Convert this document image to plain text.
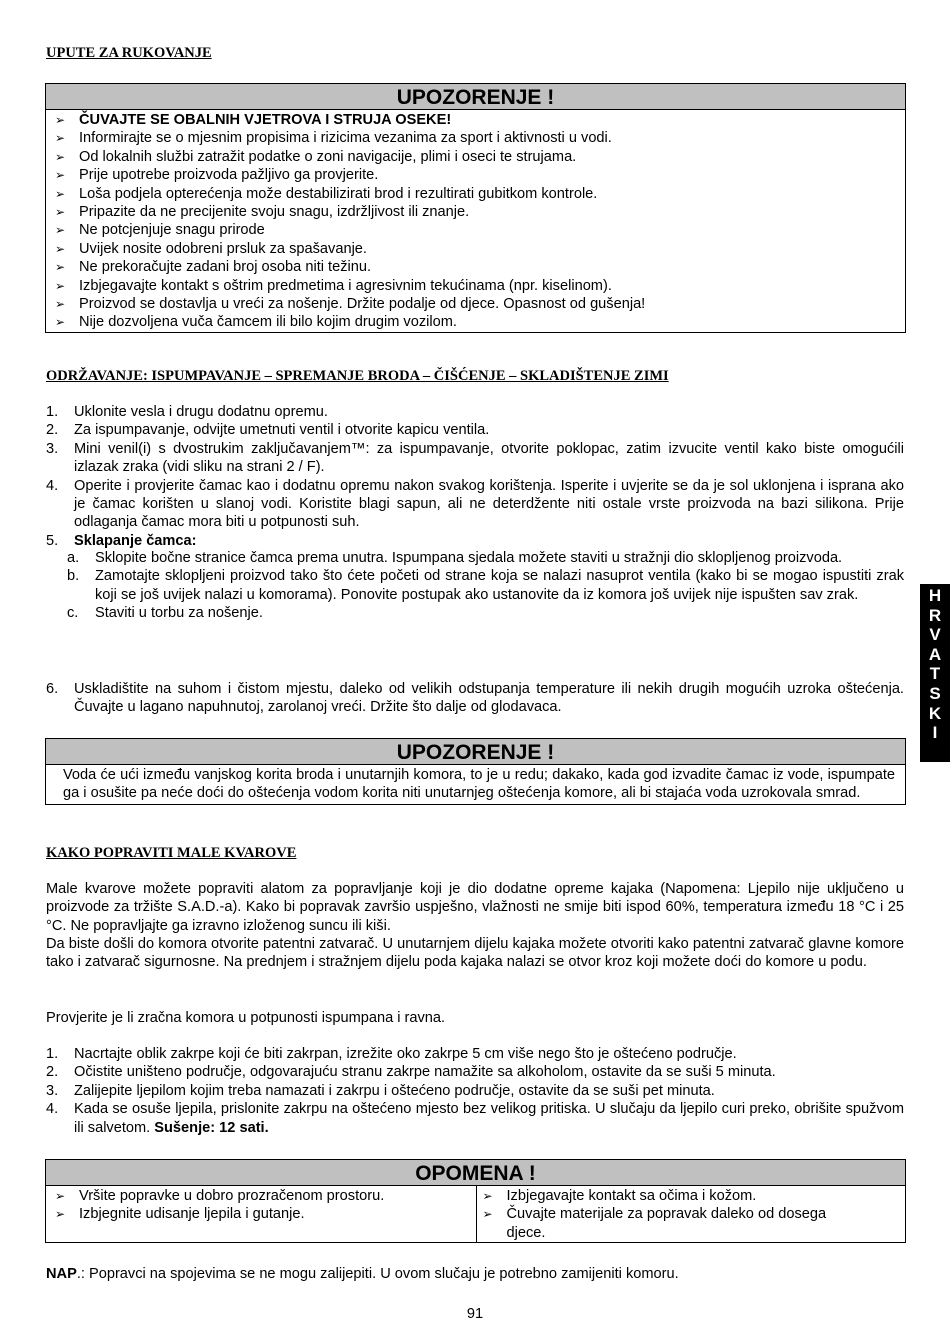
UPUTE ZA RUKOVANJE
UPOZORENJE !
➢ ČUVAJTE SE OBALNIH VJETROVA I STRUJA OSEKE!
➢ Informirajte se o mjesnim propisima i rizicima vezanima za sport i aktivnosti u vodi.
➢ Od lokalnih službi zatražit podatke o zoni navigacije, plimi i oseci te strujama.
➢ Prije upotrebe proizvoda pažljivo ga provjerite.
➢ Loša podjela opterećenja može destabilizirati brod i rezultirati gubitkom kontrole.
➢ Pripazite da ne precijenite svoju snagu, izdržljivost ili znanje.
➢ Ne potcjenjuje snagu prirode
➢ Uvijek nosite odobreni prsluk za spašavanje.
➢ Ne prekoračujte zadani broj osoba niti težinu.
➢ Izbjegavajte kontakt s oštrim predmetima i agresivnim tekućinama (npr. kiselinom).
➢ Proizvod se dostavlja u vreći za nošenje. Držite podalje od djece. Opasnost od gušenja!
➢ Nije dozvoljena vuča čamcem ili bilo kojim drugim vozilom.
ODRŽAVANJE: ISPUMPAVANJE – SPREMANJE BRODA – ČIŠĆENJE – SKLADIŠTENJE ZIMI
1. Uklonite vesla i drugu dodatnu opremu.
2. Za ispumpavanje, odvijte umetnuti ventil i otvorite kapicu ventila.
3. Mini venil(i) s dvostrukim zaključavanjem™: za ispumpavanje, otvorite poklopac, zatim izvucite ventil kako biste omogućili izlazak zraka (vidi sliku na strani 2 / F).
4. Operite i provjerite čamac kao i dodatnu opremu nakon svakog korištenja. Isperite i uvjerite se da je sol uklonjena i isprana ako je čamac korišten u slanoj vodi. Koristite blagi sapun, ali ne deterdžente niti ostale vrste proizvoda na bazi silikona. Prije odlaganja čamac mora biti u potpunosti suh.
5. Sklapanje čamca:
a. Sklopite bočne stranice čamca prema unutra. Ispumpana sjedala možete staviti u stražnji dio sklopljenog proizvoda.
b. Zamotajte sklopljeni proizvod tako što ćete početi od strane koja se nalazi nasuprot ventila (kako bi se mogao ispustiti zrak koji se još uvijek nalazi u komorama). Ponovite postupak ako ustanovite da iz komora još uvijek nije ispušten sav zrak.
c. Staviti u torbu za nošenje.
6. Uskladištite na suhom i čistom mjestu, daleko od velikih odstupanja temperature ili nekih drugih mogućih uzroka oštećenja. Čuvajte u lagano napuhnutoj, zarolanoj vreći. Držite što dalje od glodavaca.
H
R
V
A
T
S
K
I
UPOZORENJE !
Voda će ući između vanjskog korita broda i unutarnjih komora, to je u redu; dakako, kada god izvadite čamac iz vode, ispumpate ga i osušite pa neće doći do oštećenja vodom korita niti unutarnjeg oštećenja komore, ali bi stajaća voda uzrokovala smrad.
KAKO POPRAVITI MALE KVAROVE

Male kvarove možete popraviti alatom za popravljanje koji je dio dodatne opreme kajaka (Napomena: Ljepilo nije uključeno u proizvode za tržište S.A.D.-a). Kako bi popravak završio uspješno, vlažnosti ne smije biti ispod 60%, temperatura između 18 °C i 25 °C. Ne popravljajte ga izravno izloženog suncu ili kiši.

Da biste došli do komora otvorite patentni zatvarač. U unutarnjem dijelu kajaka možete otvoriti kako patentni zatvarač glavne komore tako i zatvarač sigurnosne. Na prednjem i stražnjem dijelu poda kajaka nalazi se otvor kroz koji možete doći do komore u podu.

Provjerite je li zračna komora u potpunosti ispumpana i ravna.

1. Nacrtajte oblik zakrpe koji će biti zakrpan, izrežite oko zakrpe 5 cm više nego što je oštećeno područje.
2. Očistite uništeno područje, odgovarajuću stranu zakrpe namažite sa alkoholom, ostavite da se suši 5 minuta.
3. Zalijepite ljepilom kojim treba namazati i zakrpu i oštećeno područje, ostavite da se suši pet minuta.
4. Kada se osuše ljepila, prislonite zakrpu na oštećeno mjesto bez velikog pritiska. U slučaju da ljepilo curi preko, obrišite spužvom ili salvetom. Sušenje: 12 sati.
OPOMENA !
➢ Vršite popravke u dobro prozračenom prostoru.
➢ Izbjegnite udisanje ljepila i gutanje.
➢ Izbjegavajte kontakt sa očima i kožom.
➢ Čuvajte materijale za popravak daleko od dosega
djece.

NAP.: Popravci na spojevima se ne mogu zalijepiti. U ovom slučaju je potrebno zamijeniti komoru.

91
